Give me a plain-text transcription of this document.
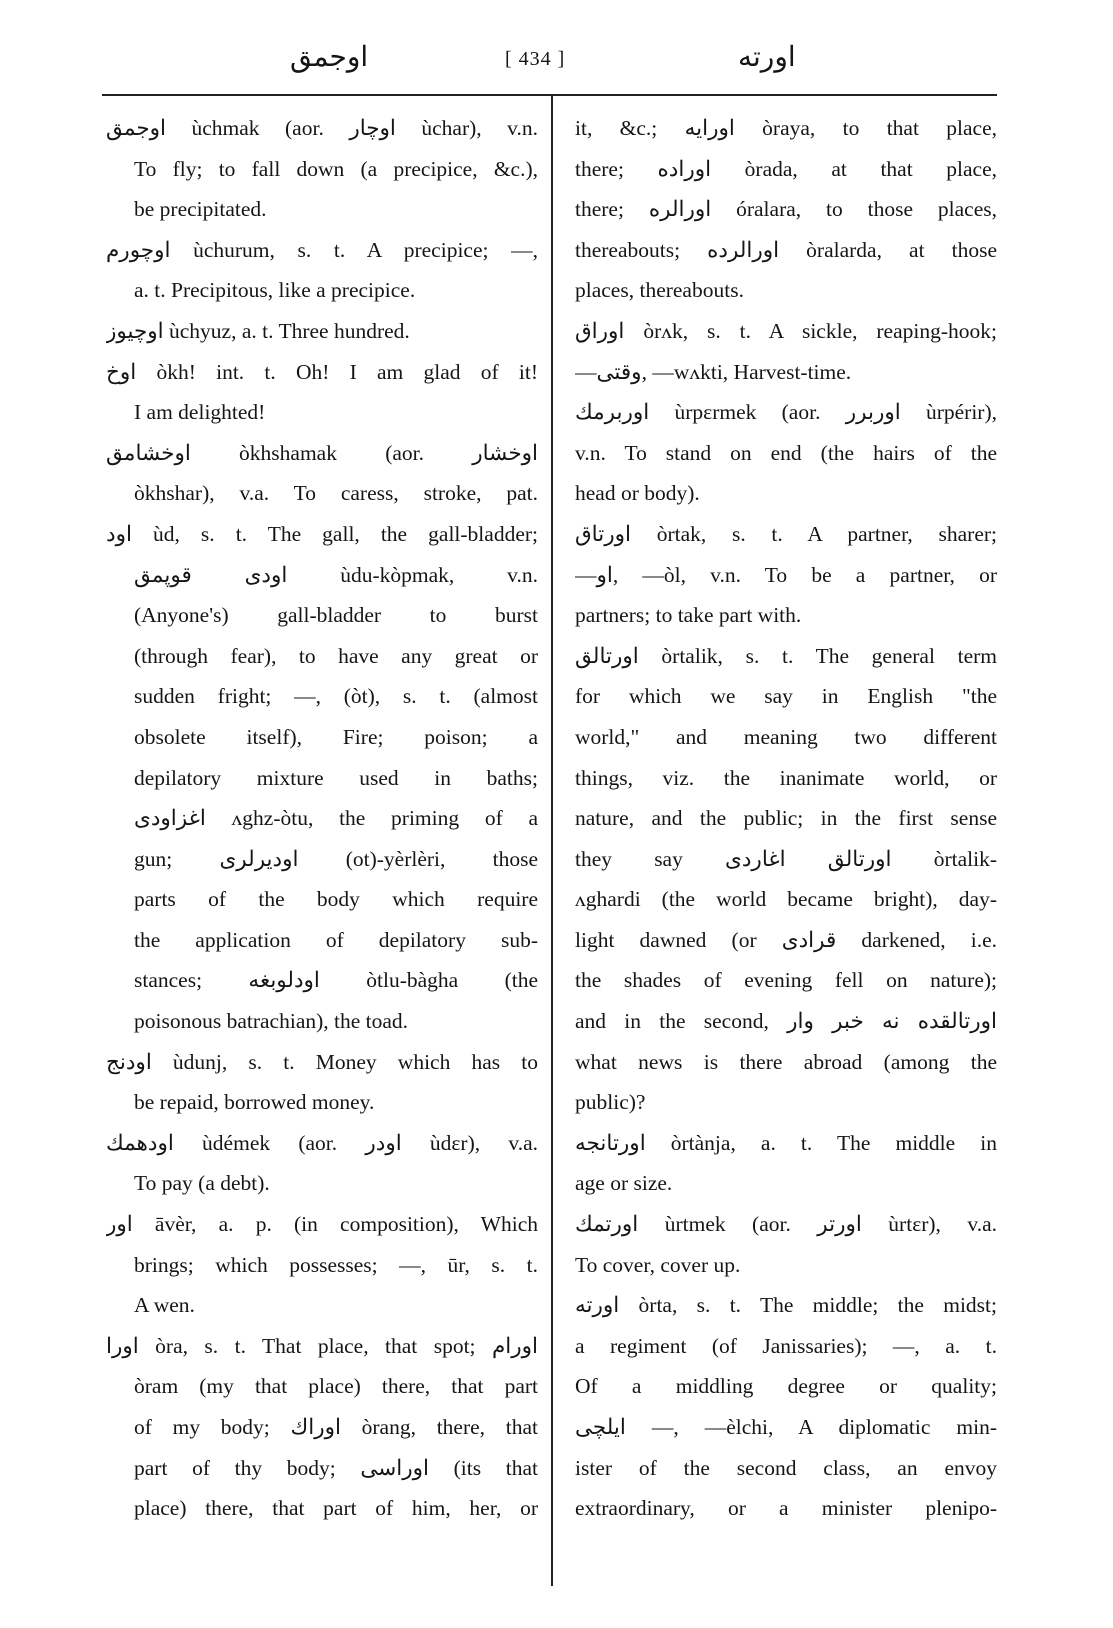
اوجمق	[ 434 ]	اورته
اوجمق ùchmak (aor. اوچار ùchar), v.n.
To fly; to fall down (a precipice, &c.),
be precipitated.
اوچورم ùchurum, s. t. A precipice; —,
a. t. Precipitous, like a precipice.
اوچيوز ùchyuz, a. t. Three hundred.
اوخ òkh! int. t. Oh! I am glad of it!
I am delighted!
اوخشامق òkhshamak (aor. اوخشار
òkhshar), v.a. To caress, stroke, pat.
اود ùd, s. t. The gall, the gall-bladder;
اودى قوپمق ùdu-kòpmak, v.n.
(Anyone's) gall-bladder to burst
(through fear), to have any great or
sudden fright; —, (òt), s. t. (almost
obsolete itself), Fire; poison; a
depilatory mixture used in baths;
اغزاودى ʌghz-òtu, the priming of a
gun; اوديرلرى (ot)-yèrlèri, those
parts of the body which require
the application of depilatory sub-
stances; اودلوبغه òtlu-bàgha (the
poisonous batrachian), the toad.
اودنج ùdunj, s. t. Money which has to
be repaid, borrowed money.
اودهمك ùdémek (aor. اودر ùdɛr), v.a.
To pay (a debt).
اور āvèr, a. p. (in composition), Which
brings; which possesses; —, ūr, s. t.
A wen.
اورا òra, s. t. That place, that spot; اورام
òram (my that place) there, that part
of my body; اوراك òrang, there, that
part of thy body; اوراسى (its that
place) there, that part of him, her, or
it, &c.; اورايه òraya, to that place,
there; اوراده òrada, at that place,
there; اورالره óralara, to those places,
thereabouts; اورالرده òralarda, at those
places, thereabouts.
اوراق òrʌk, s. t. A sickle, reaping-hook;
—وقتى, —wʌkti, Harvest-time.
اوربرمك ùrpɛrmek (aor. اوربرر ùrpérir),
v.n. To stand on end (the hairs of the
head or body).
اورتاق òrtak, s. t. A partner, sharer;
—او, —òl, v.n. To be a partner, or
partners; to take part with.
اورتالق òrtalik, s. t. The general term
for which we say in English "the
world," and meaning two different
things, viz. the inanimate world, or
nature, and the public; in the first sense
they say اورتالق اغاردى òrtalik-
ʌghardi (the world became bright), day-
light dawned (or قرادى darkened, i.e.
the shades of evening fell on nature);
and in the second, اورتالقده نه خبر وار
what news is there abroad (among the
public)?
اورتانجه òrtànja, a. t. The middle in
age or size.
اورتمك ùrtmek (aor. اورتر ùrtɛr), v.a.
To cover, cover up.
اورته òrta, s. t. The middle; the midst;
a regiment (of Janissaries); —, a. t.
Of a middling degree or quality;
ايلچى —, —èlchi, A diplomatic min-
ister of the second class, an envoy
extraordinary, or a minister plenipo-
